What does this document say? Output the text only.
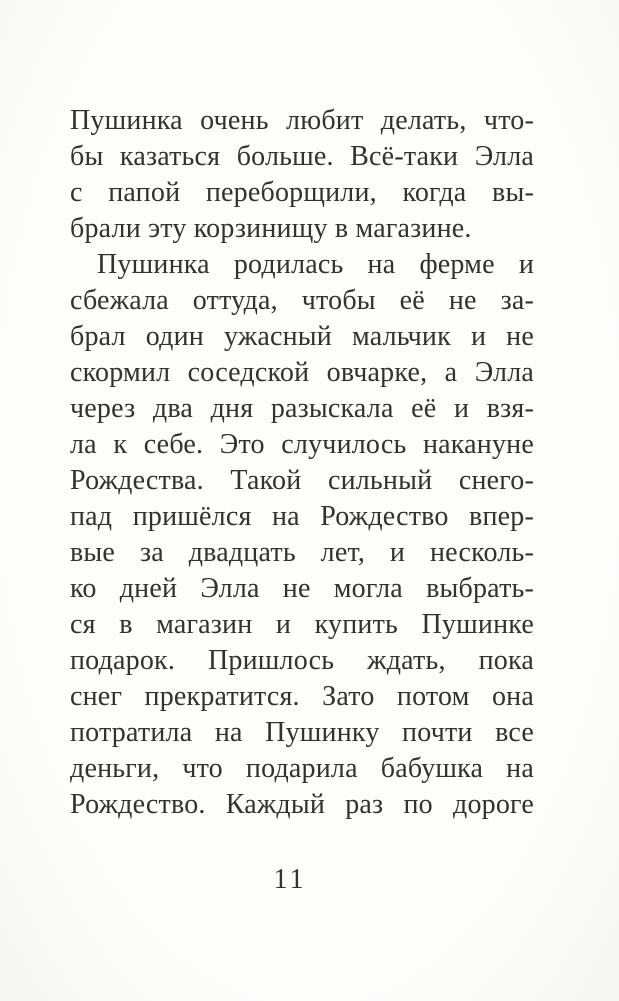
Пушинка очень любит делать, что-
бы казаться больше. Всё-таки Элла
с папой переборщили, когда вы-
брали эту корзинищу в магазине.
Пушинка родилась на ферме и
сбежала оттуда, чтобы её не за-
брал один ужасный мальчик и не
скормил соседской овчарке, а Элла
через два дня разыскала её и взя-
ла к себе. Это случилось накануне
Рождества. Такой сильный снего-
пад пришёлся на Рождество впер-
вые за двадцать лет, и несколь-
ко дней Элла не могла выбрать-
ся в магазин и купить Пушинке
подарок. Пришлось ждать, пока
снег прекратится. Зато потом она
потратила на Пушинку почти все
деньги, что подарила бабушка на
Рождество. Каждый раз по дороге
11
